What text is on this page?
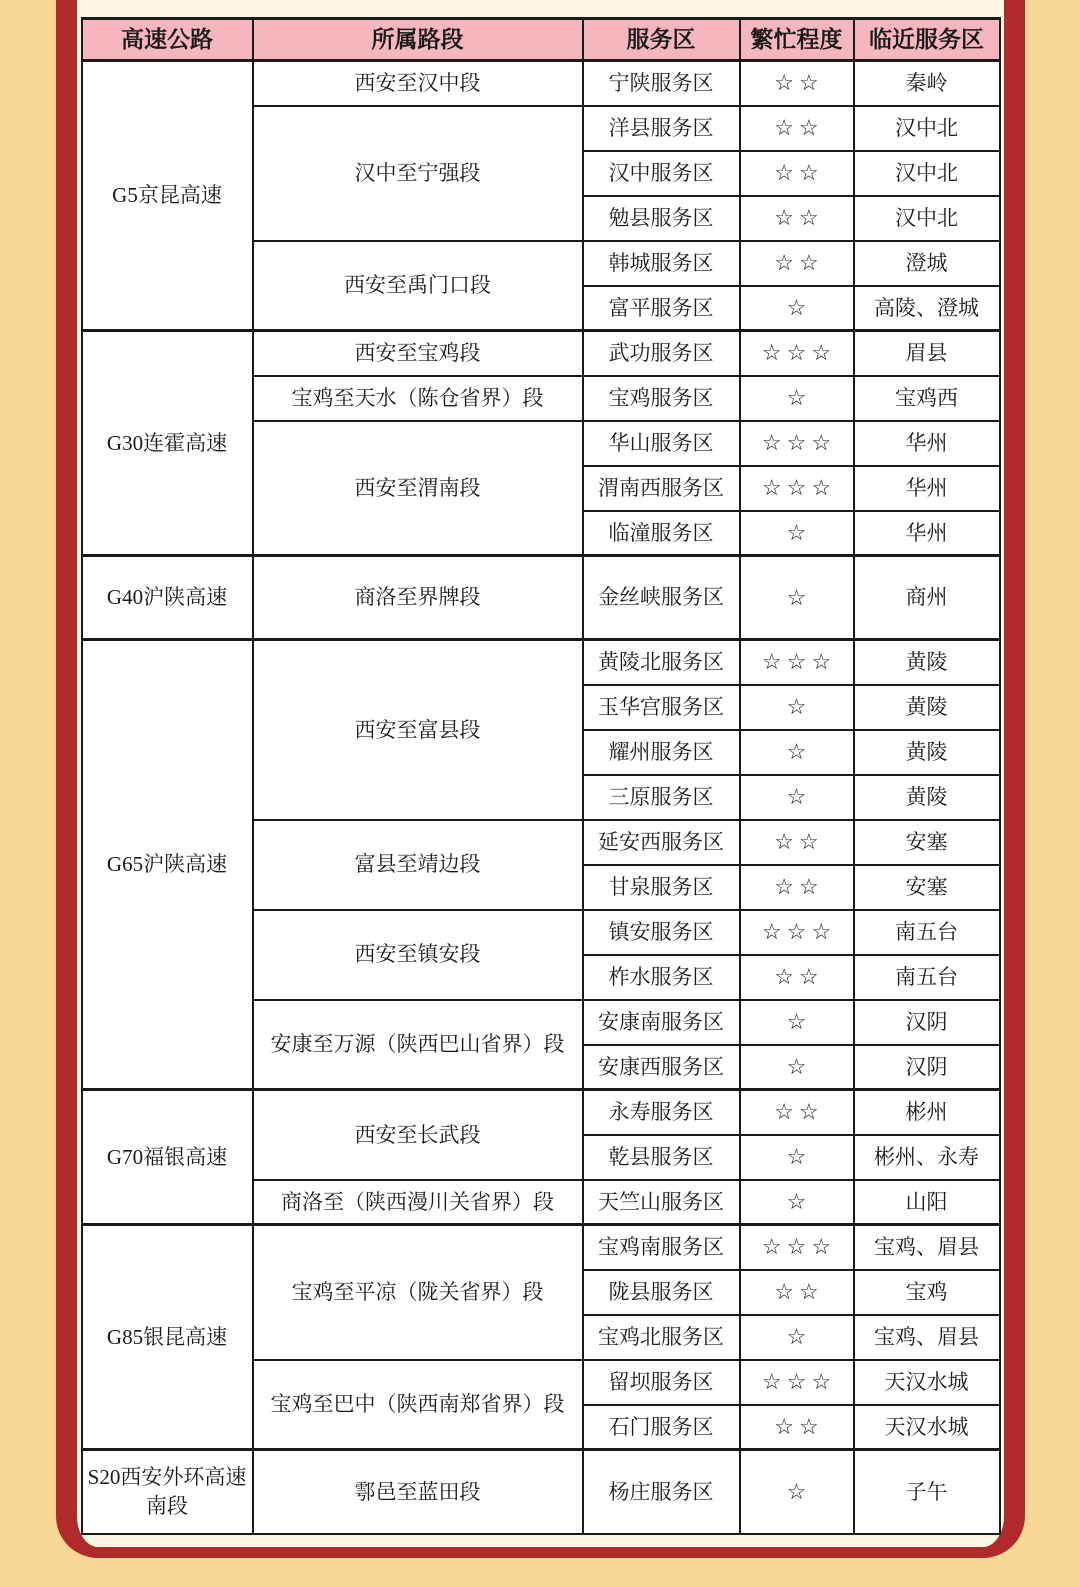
高速公路	所属路段	服务区	繁忙程度	临近服务区
G5京昆高速	西安至汉中段	宁陕服务区	☆☆	秦岭
	汉中至宁强段	洋县服务区	☆☆	汉中北
		汉中服务区	☆☆	汉中北
		勉县服务区	☆☆	汉中北
	西安至禹门口段	韩城服务区	☆☆	澄城
		富平服务区	☆	高陵、澄城
G30连霍高速	西安至宝鸡段	武功服务区	☆☆☆	眉县
	宝鸡至天水（陈仓省界）段	宝鸡服务区	☆	宝鸡西
	西安至渭南段	华山服务区	☆☆☆	华州
		渭南西服务区	☆☆☆	华州
		临潼服务区	☆	华州
G40沪陕高速	商洛至界牌段	金丝峡服务区	☆	商州
G65沪陕高速	西安至富县段	黄陵北服务区	☆☆☆	黄陵
		玉华宫服务区	☆	黄陵
		耀州服务区	☆	黄陵
		三原服务区	☆	黄陵
	富县至靖边段	延安西服务区	☆☆	安塞
		甘泉服务区	☆☆	安塞
	西安至镇安段	镇安服务区	☆☆☆	南五台
		柞水服务区	☆☆	南五台
	安康至万源（陕西巴山省界）段	安康南服务区	☆	汉阴
		安康西服务区	☆	汉阴
G70福银高速	西安至长武段	永寿服务区	☆☆	彬州
		乾县服务区	☆	彬州、永寿
	商洛至（陕西漫川关省界）段	天竺山服务区	☆	山阳
G85银昆高速	宝鸡至平凉（陇关省界）段	宝鸡南服务区	☆☆☆	宝鸡、眉县
		陇县服务区	☆☆	宝鸡
		宝鸡北服务区	☆	宝鸡、眉县
	宝鸡至巴中（陕西南郑省界）段	留坝服务区	☆☆☆	天汉水城
		石门服务区	☆☆	天汉水城
S20西安外环高速南段	鄠邑至蓝田段	杨庄服务区	☆	子午
